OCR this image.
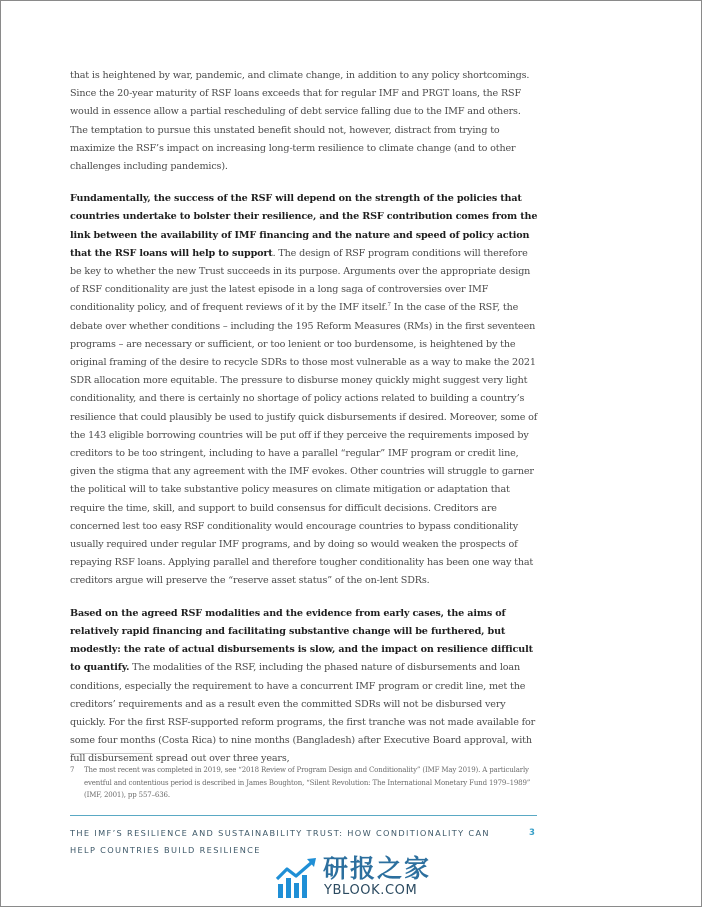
that is heightened by war, pandemic, and climate change, in addition to any policy shortcomings. Since the 20-year maturity of RSF loans exceeds that for regular IMF and PRGT loans, the RSF would in essence allow a partial rescheduling of debt service falling due to the IMF and others. The temptation to pursue this unstated benefit should not, however, distract from trying to maximize the RSF’s impact on increasing long-term resilience to climate change (and to other challenges including pandemics).

Fundamentally, the success of the RSF will depend on the strength of the policies that countries undertake to bolster their resilience, and the RSF contribution comes from the link between the availability of IMF financing and the nature and speed of policy action that the RSF loans will help to support. The design of RSF program conditions will therefore be key to whether the new Trust succeeds in its purpose. Arguments over the appropriate design of RSF conditionality are just the latest episode in a long saga of controversies over IMF conditionality policy, and of frequent reviews of it by the IMF itself.$^7$ In the case of the RSF, the debate over whether conditions – including the 195 Reform Measures (RMs) in the first seventeen programs – are necessary or sufficient, or too lenient or too burdensome, is heightened by the original framing of the desire to recycle SDRs to those most vulnerable as a way to make the 2021 SDR allocation more equitable. The pressure to disburse money quickly might suggest very light conditionality, and there is certainly no shortage of policy actions related to building a country’s resilience that could plausibly be used to justify quick disbursements if desired. Moreover, some of the 143 eligible borrowing countries will be put off if they perceive the requirements imposed by creditors to be too stringent, including to have a parallel “regular” IMF program or credit line, given the stigma that any agreement with the IMF evokes. Other countries will struggle to garner the political will to take substantive policy measures on climate mitigation or adaptation that require the time, skill, and support to build consensus for difficult decisions. Creditors are concerned lest too easy RSF conditionality would encourage countries to bypass conditionality usually required under regular IMF programs, and by doing so would weaken the prospects of repaying RSF loans. Applying parallel and therefore tougher conditionality has been one way that creditors argue will preserve the “reserve asset status” of the on-lent SDRs.

Based on the agreed RSF modalities and the evidence from early cases, the aims of relatively rapid financing and facilitating substantive change will be furthered, but modestly: the rate of actual disbursements is slow, and the impact on resilience difficult to quantify. The modalities of the RSF, including the phased nature of disbursements and loan conditions, especially the requirement to have a concurrent IMF program or credit line, met the creditors’ requirements and as a result even the committed SDRs will not be disbursed very quickly. For the first RSF-supported reform programs, the first tranche was not made available for some four months (Costa Rica) to nine months (Bangladesh) after Executive Board approval, with full disbursement spread out over three years,

7 The most recent was completed in 2019, see “2018 Review of Program Design and Conditionality” (IMF May 2019). A particularly eventful and contentious period is described in James Boughton, “Silent Revolution: The International Monetary Fund 1979–1989” (IMF, 2001), pp 557–636.
THE IMF’S RESILIENCE AND SUSTAINABILITY TRUST: HOW CONDITIONALITY CAN HELP COUNTRIES BUILD RESILIENCE
3
研报之家
YBLOOK.COM
